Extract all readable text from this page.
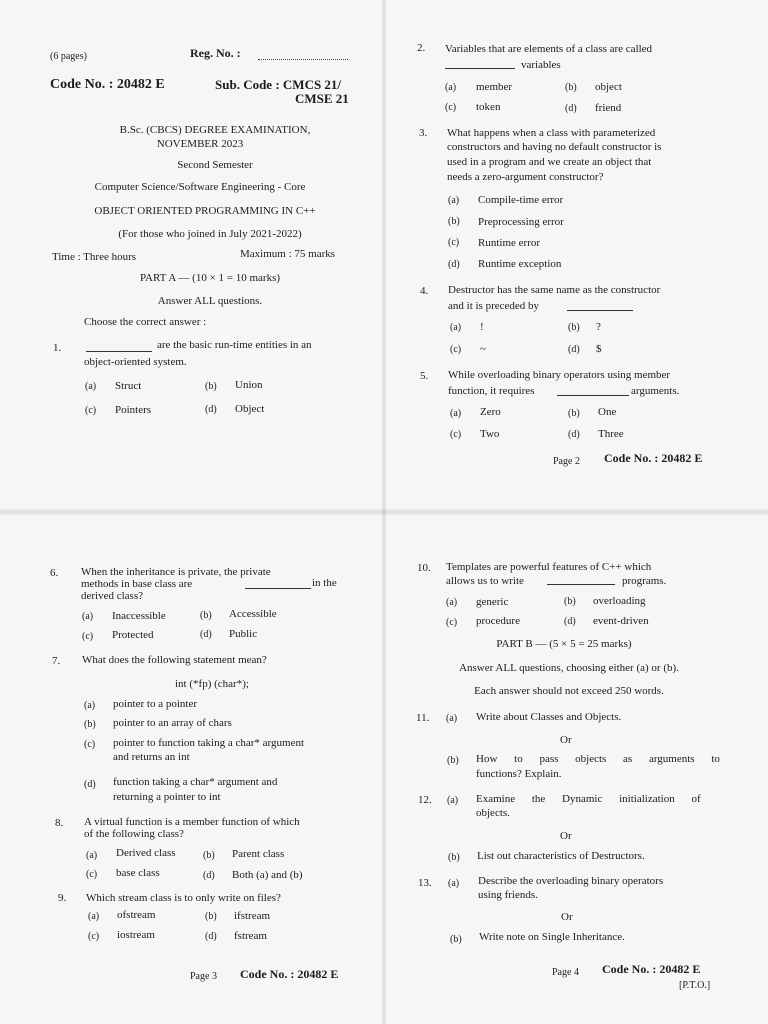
(6 pages)	Reg. No. :
Code No. : 20482 E	Sub. Code : CMCS 21/
CMSE 21
B.Sc. (CBCS) DEGREE EXAMINATION,
NOVEMBER 2023
Second Semester
Computer Science/Software Engineering - Core
OBJECT ORIENTED PROGRAMMING IN C++
(For those who joined in July 2021-2022)
Time : Three hours	Maximum : 75 marks
PART A — (10 × 1 = 10 marks)
Answer ALL questions.
Choose the correct answer :
1.	are the basic run-time entities in an
object-oriented system.
(a) Struct	(b) Union
(c) Pointers	(d) Object
2. Variables that are elements of a class are called
variables
(a) member	(b) object
(c) token	(d) friend
3. What happens when a class with parameterized
constructors and having no default constructor is
used in a program and we create an object that
needs a zero-argument constructor?
(a) Compile-time error
(b) Preprocessing error
(c) Runtime error
(d) Runtime exception
4. Destructor has the same name as the constructor
and it is preceded by
(a) !	(b) ?
(c) ~	(d) $
5. While overloading binary operators using member
function, it requires	arguments.
(a) Zero	(b) One
(c) Two	(d) Three
Page 2 Code No. : 20482 E
6. When the inheritance is private, the private
methods in base class are	in the
derived class?
(a) Inaccessible	(b) Accessible
(c) Protected	(d) Public
7. What does the following statement mean?
int (*fp) (char*);
(a) pointer to a pointer
(b) pointer to an array of chars
(c) pointer to function taking a char* argument
and returns an int
(d) function taking a char* argument and
returning a pointer to int
8. A virtual function is a member function of which
of the following class?
(a) Derived class	(b) Parent class
(c) base class	(d) Both (a) and (b)
9. Which stream class is to only write on files?
(a) ofstream	(b) ifstream
(c) iostream	(d) fstream
Page 3 Code No. : 20482 E
10. Templates are powerful features of C++ which
allows us to write	programs.
(a) generic	(b) overloading
(c) procedure	(d) event-driven
PART B — (5 × 5 = 25 marks)
Answer ALL questions, choosing either (a) or (b).
Each answer should not exceed 250 words.
11. (a) Write about Classes and Objects.
Or
(b) How to pass objects as arguments to
functions? Explain.
12. (a) Examine the Dynamic initialization of
objects.
Or
(b) List out characteristics of Destructors.
13. (a) Describe the overloading binary operators
using friends.
Or
(b) Write note on Single Inheritance.
Page 4 Code No. : 20482 E
[P.T.O.]
